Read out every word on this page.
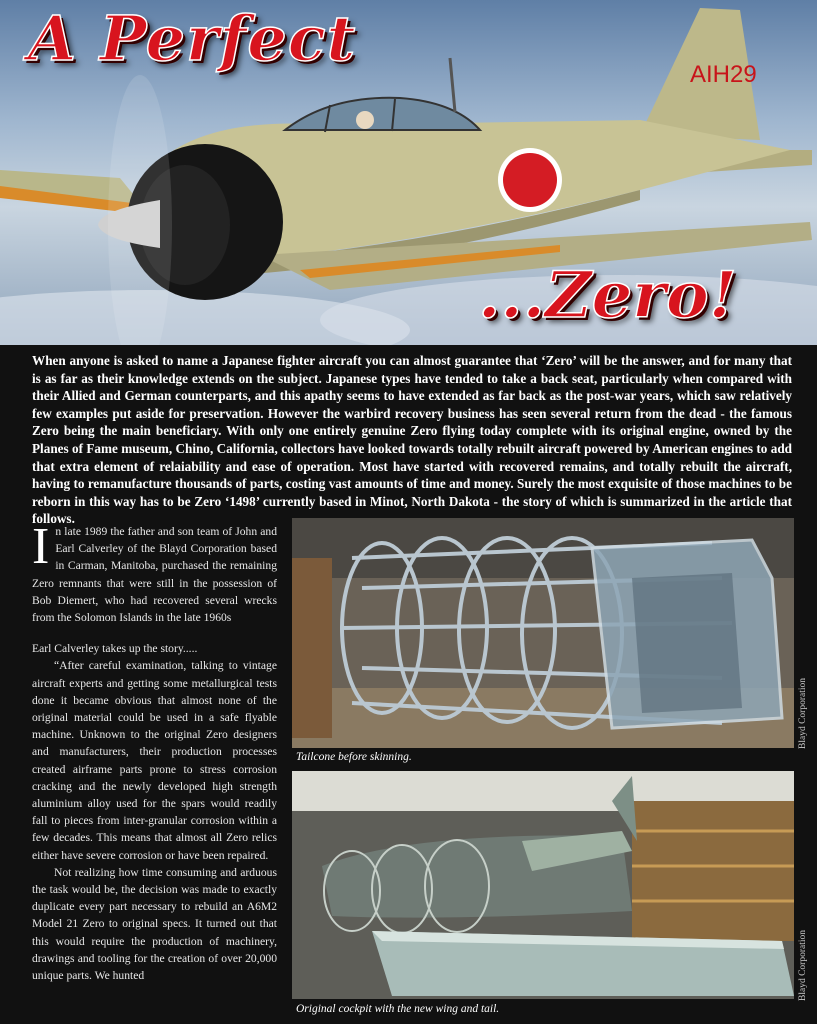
AIH29
A Perfect
...Zero!
When anyone is asked to name a Japanese fighter aircraft you can almost guarantee that ‘Zero’ will be the answer, and for many that is as far as their knowledge extends on the subject. Japanese types have tended to take a back seat, particularly when compared with their Allied and German counterparts, and this apathy seems to have extended as far back as the post-war years, which saw relatively few examples put aside for preservation. However the warbird recovery business has seen several return from the dead - the famous Zero being the main beneficiary. With only one entirely genuine Zero flying today complete with its original engine, owned by the Planes of Fame museum, Chino, California, collectors have looked towards totally rebuilt aircraft powered by American engines to add that extra element of relaiability and ease of operation. Most have started with recovered remains, and totally rebuilt the aircraft, having to remanufacture thousands of parts, costing vast amounts of time and money. Surely the most exquisite of those machines to be reborn in this way has to be Zero ‘1498’ currently based in Minot, North Dakota - the story of which is summarized in the article that follows.

In late 1989 the father and son team of John and Earl Calverley of the Blayd Corporation based in Carman, Manitoba, purchased the remaining Zero remnants that were still in the possession of Bob Diemert, who had recovered several wrecks from the Solomon Islands in the late 1960s

Earl Calverley takes up the story.....

“After careful examination, talking to vintage aircraft experts and getting some metallurgical tests done it became obvious that almost none of the original material could be used in a safe flyable machine. Unknown to the original Zero designers and manufacturers, their production processes created airframe parts prone to stress corrosion cracking and the newly developed high strength aluminium alloy used for the spars would readily fall to pieces from inter-granular corrosion within a few decades. This means that almost all Zero relics either have severe corrosion or have been repaired.

Not realizing how time consuming and arduous the task would be, the decision was made to exactly duplicate every part necessary to rebuild an A6M2 Model 21 Zero to original specs. It turned out that this would require the production of machinery, drawings and tooling for the creation of over 20,000 unique parts. We hunted

Tailcone before skinning.
Blayd Corporation
Original cockpit with the new wing and tail.
Blayd Corporation
